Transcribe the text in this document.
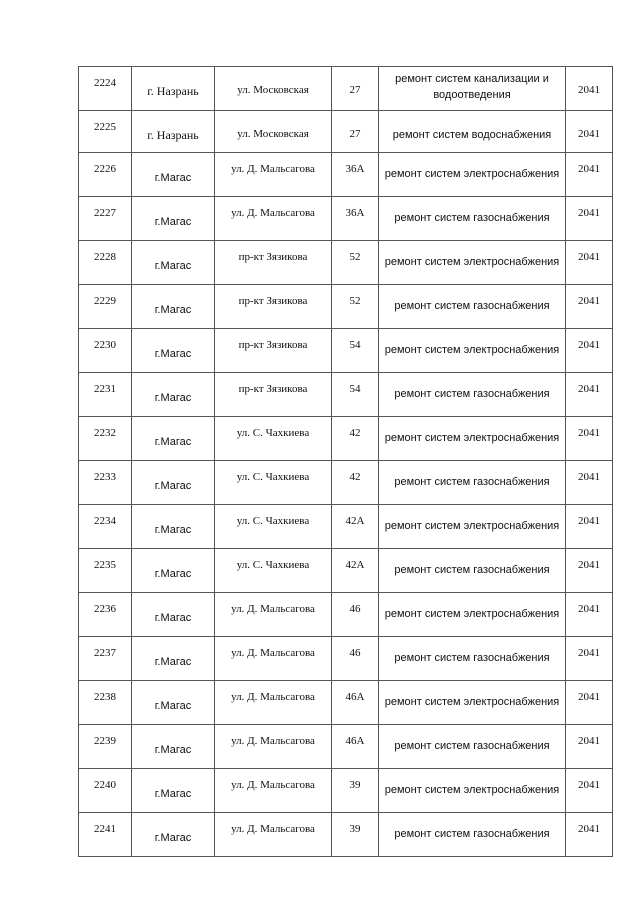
2224	г. Назрань	ул. Московская	27	ремонт систем канализации и водоотведения	2041

2225	г. Назрань	ул. Московская	27	ремонт систем водоснабжения	2041

2226	г.Магас	ул. Д. Мальсагова	36А	ремонт систем электроснабжения	2041

2227	г.Магас	ул. Д. Мальсагова	36А	ремонт систем газоснабжения	2041

2228	г.Магас	пр-кт Зязикова	52	ремонт систем электроснабжения	2041

2229	г.Магас	пр-кт Зязикова	52	ремонт систем газоснабжения	2041

2230	г.Магас	пр-кт Зязикова	54	ремонт систем электроснабжения	2041

2231	г.Магас	пр-кт Зязикова	54	ремонт систем газоснабжения	2041

2232	г.Магас	ул. С. Чахкиева	42	ремонт систем электроснабжения	2041

2233	г.Магас	ул. С. Чахкиева	42	ремонт систем газоснабжения	2041

2234	г.Магас	ул. С. Чахкиева	42А	ремонт систем электроснабжения	2041

2235	г.Магас	ул. С. Чахкиева	42А	ремонт систем газоснабжения	2041

2236	г.Магас	ул. Д. Мальсагова	46	ремонт систем электроснабжения	2041

2237	г.Магас	ул. Д. Мальсагова	46	ремонт систем газоснабжения	2041

2238	г.Магас	ул. Д. Мальсагова	46А	ремонт систем электроснабжения	2041

2239	г.Магас	ул. Д. Мальсагова	46А	ремонт систем газоснабжения	2041

2240	г.Магас	ул. Д. Мальсагова	39	ремонт систем электроснабжения	2041

2241	г.Магас	ул. Д. Мальсагова	39	ремонт систем газоснабжения	2041
